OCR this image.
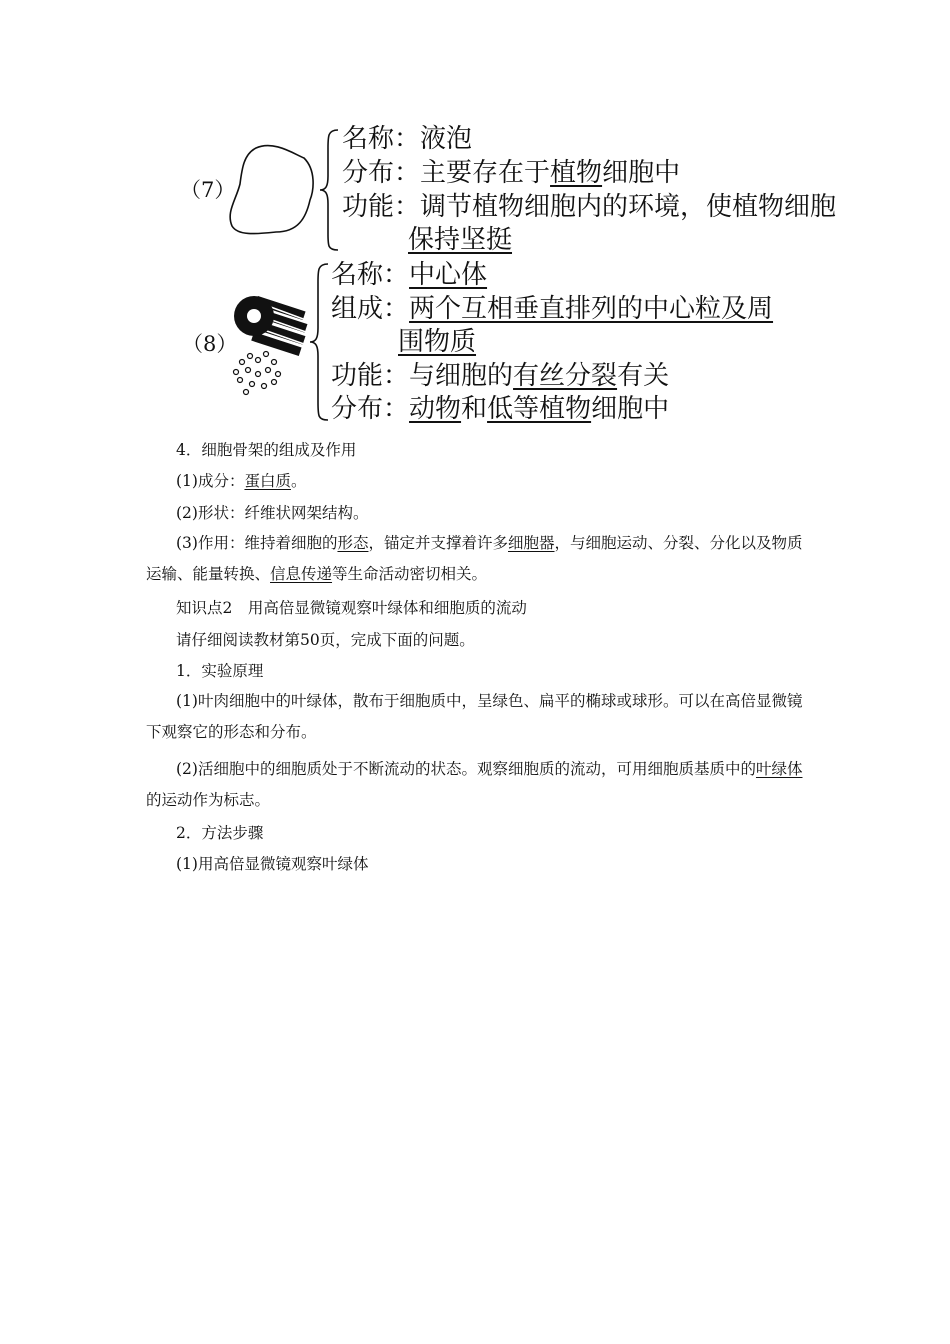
（7）
名称：液泡
分布：主要存在于植物细胞中
功能：调节植物细胞内的环境，使植物细胞
保持坚挺
（8）
名称：中心体
组成：两个互相垂直排列的中心粒及周
围物质
功能：与细胞的有丝分裂有关
分布：动物和低等植物细胞中
4．细胞骨架的组成及作用
(1)成分：蛋白质。
(2)形状：纤维状网架结构。
(3)作用：维持着细胞的形态，锚定并支撑着许多细胞器，与细胞运动、分裂、分化以及物质运输、能量转换、信息传递等生命活动密切相关。
知识点2　用高倍显微镜观察叶绿体和细胞质的流动
请仔细阅读教材第50页，完成下面的问题。
1．实验原理
(1)叶肉细胞中的叶绿体，散布于细胞质中，呈绿色、扁平的椭球或球形。可以在高倍显微镜下观察它的形态和分布。
(2)活细胞中的细胞质处于不断流动的状态。观察细胞质的流动，可用细胞质基质中的叶绿体的运动作为标志。
2．方法步骤
(1)用高倍显微镜观察叶绿体
